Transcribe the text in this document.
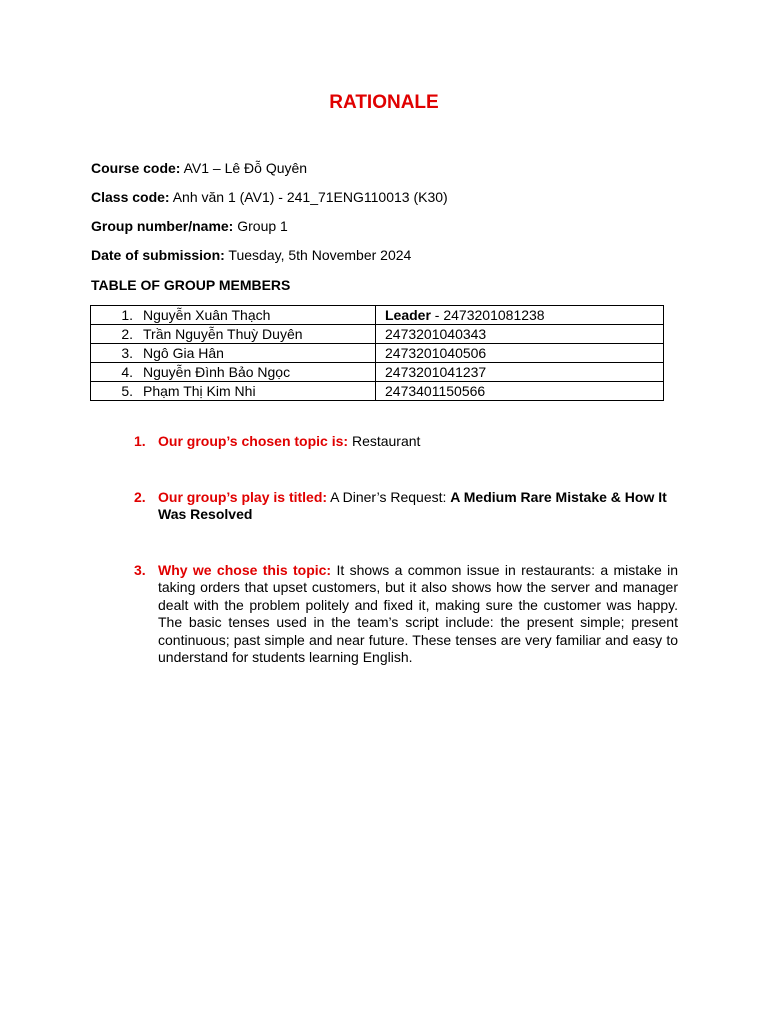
RATIONALE
Course code: AV1 – Lê Đỗ Quyên
Class code: Anh văn 1 (AV1) - 241_71ENG110013 (K30)
Group number/name: Group 1
Date of submission: Tuesday, 5th November 2024
TABLE OF GROUP MEMBERS
1. Nguyễn Xuân Thạch	Leader - 2473201081238
2. Trần Nguyễn Thuỳ Duyên	2473201040343
3. Ngô Gia Hân	2473201040506
4. Nguyễn Đình Bảo Ngọc	2473201041237
5. Phạm Thị Kim Nhi	2473401150566
1. Our group’s chosen topic is: Restaurant
2. Our group’s play is titled: A Diner’s Request: A Medium Rare Mistake & How It Was Resolved
3. Why we chose this topic: It shows a common issue in restaurants: a mistake in taking orders that upset customers, but it also shows how the server and manager dealt with the problem politely and fixed it, making sure the customer was happy. The basic tenses used in the team’s script include: the present simple; present continuous; past simple and near future. These tenses are very familiar and easy to understand for students learning English.
